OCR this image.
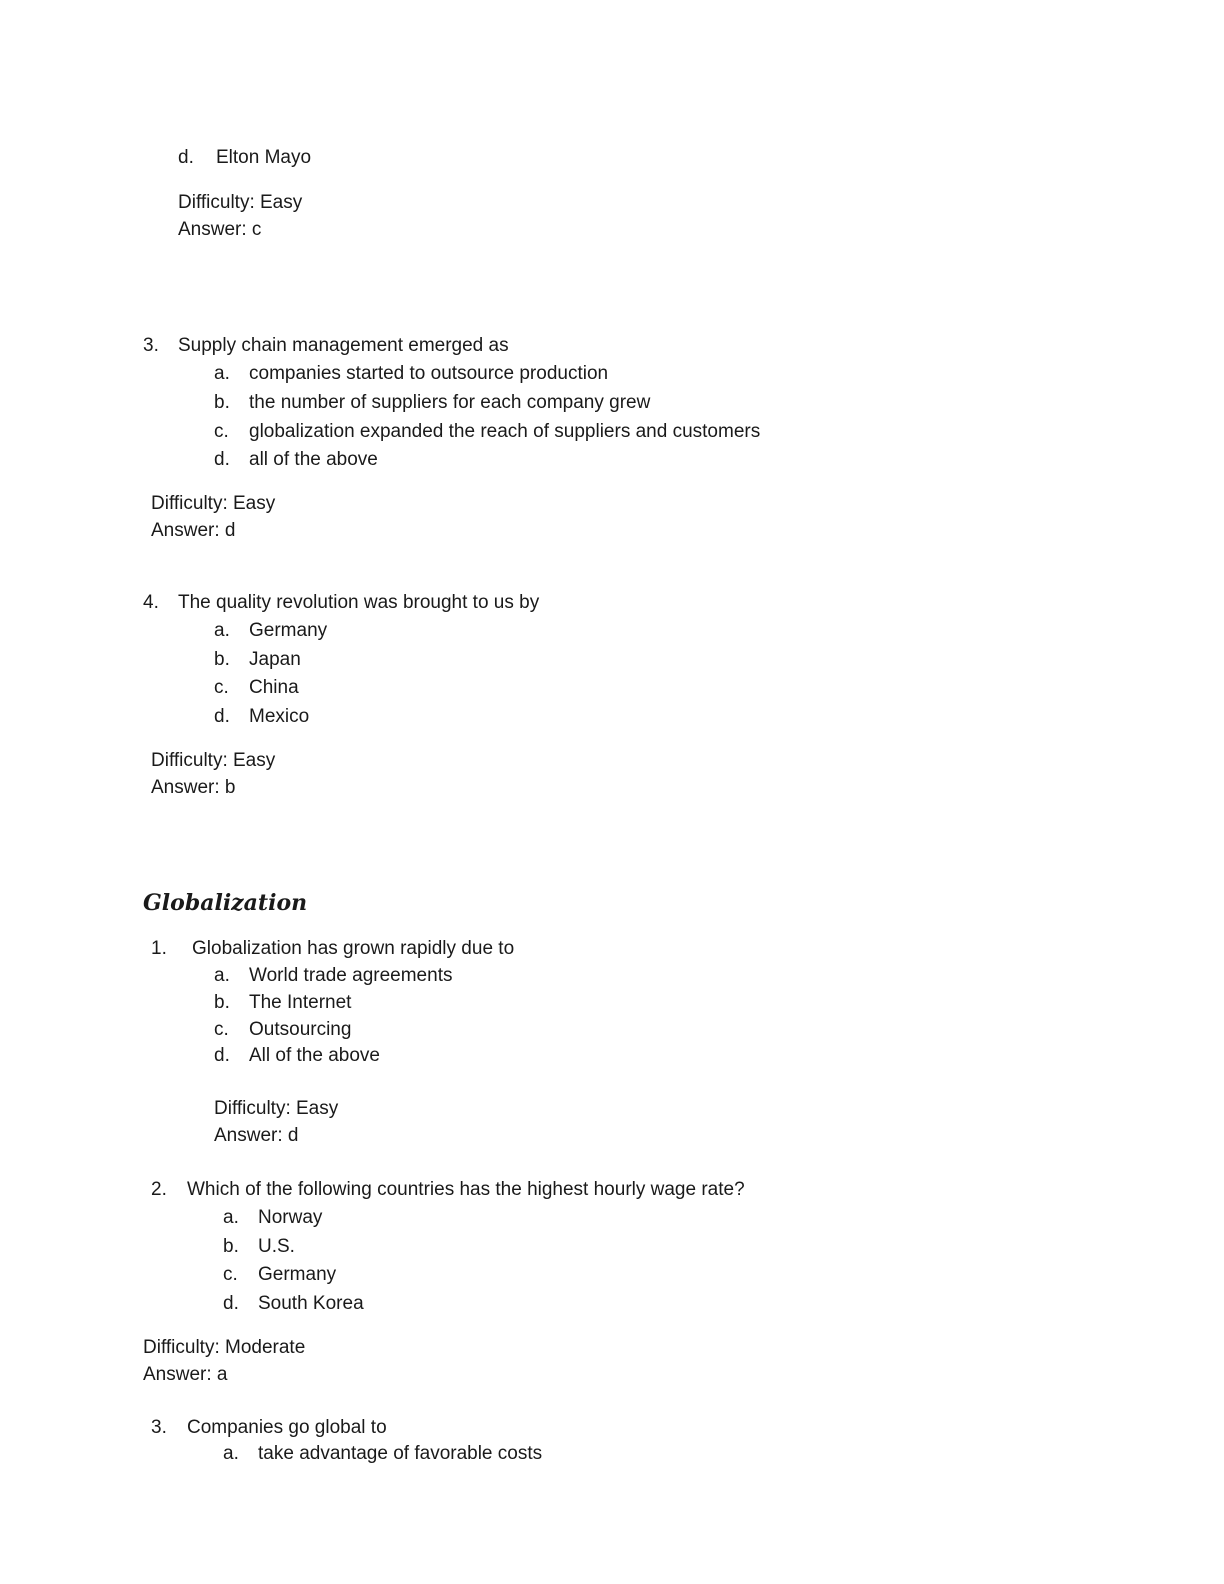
d. Elton Mayo
Difficulty: Easy
Answer: c
3. Supply chain management emerged as
a. companies started to outsource production
b. the number of suppliers for each company grew
c. globalization expanded the reach of suppliers and customers
d. all of the above
Difficulty: Easy
Answer: d
4. The quality revolution was brought to us by
a. Germany
b. Japan
c. China
d. Mexico
Difficulty: Easy
Answer: b
Globalization
1. Globalization has grown rapidly due to
a. World trade agreements
b. The Internet
c. Outsourcing
d. All of the above
Difficulty: Easy
Answer: d
2. Which of the following countries has the highest hourly wage rate?
a. Norway
b. U.S.
c. Germany
d. South Korea
Difficulty: Moderate
Answer: a
3. Companies go global to
a. take advantage of favorable costs
